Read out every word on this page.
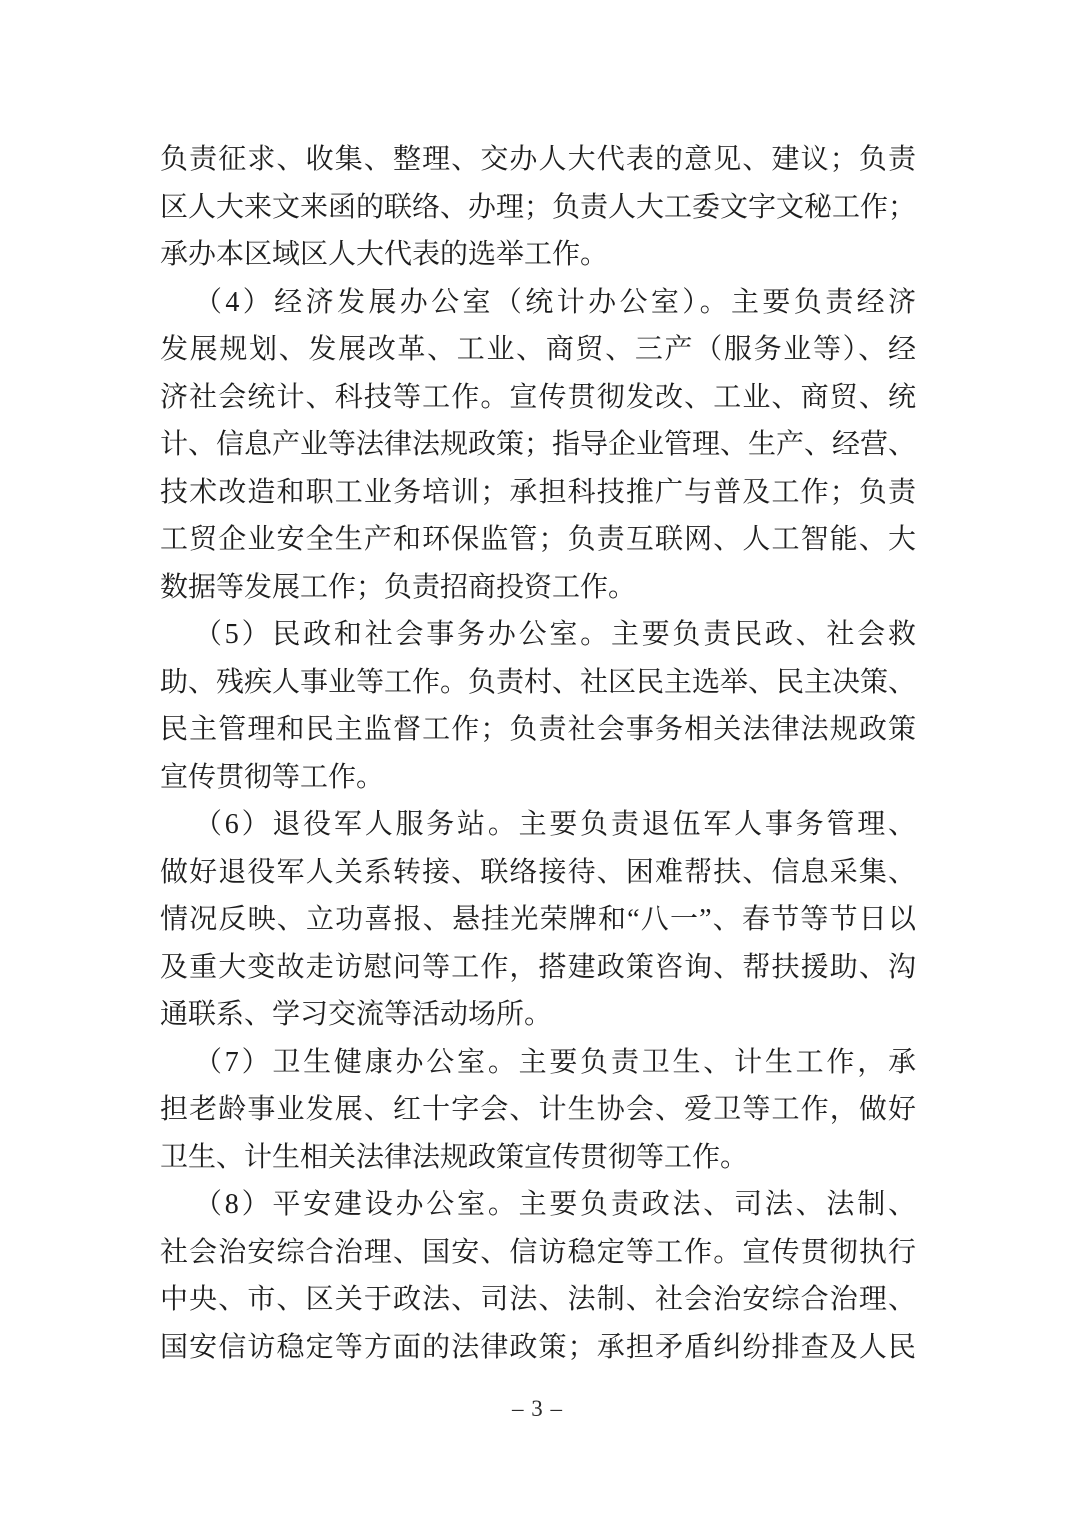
负责征求、收集、整理、交办人大代表的意见、建议；负责
区人大来文来函的联络、办理；负责人大工委文字文秘工作；
承办本区域区人大代表的选举工作。
（4）经济发展办公室（统计办公室）。主要负责经济
发展规划、发展改革、工业、商贸、三产（服务业等）、经
济社会统计、科技等工作。宣传贯彻发改、工业、商贸、统
计、信息产业等法律法规政策；指导企业管理、生产、经营、
技术改造和职工业务培训；承担科技推广与普及工作；负责
工贸企业安全生产和环保监管；负责互联网、人工智能、大
数据等发展工作；负责招商投资工作。
（5）民政和社会事务办公室。主要负责民政、社会救
助、残疾人事业等工作。负责村、社区民主选举、民主决策、
民主管理和民主监督工作；负责社会事务相关法律法规政策
宣传贯彻等工作。
（6）退役军人服务站。主要负责退伍军人事务管理、
做好退役军人关系转接、联络接待、困难帮扶、信息采集、
情况反映、立功喜报、悬挂光荣牌和“八一”、春节等节日以
及重大变故走访慰问等工作，搭建政策咨询、帮扶援助、沟
通联系、学习交流等活动场所。
（7）卫生健康办公室。主要负责卫生、计生工作，承
担老龄事业发展、红十字会、计生协会、爱卫等工作，做好
卫生、计生相关法律法规政策宣传贯彻等工作。
（8）平安建设办公室。主要负责政法、司法、法制、
社会治安综合治理、国安、信访稳定等工作。宣传贯彻执行
中央、市、区关于政法、司法、法制、社会治安综合治理、
国安信访稳定等方面的法律政策；承担矛盾纠纷排查及人民
– 3 –
